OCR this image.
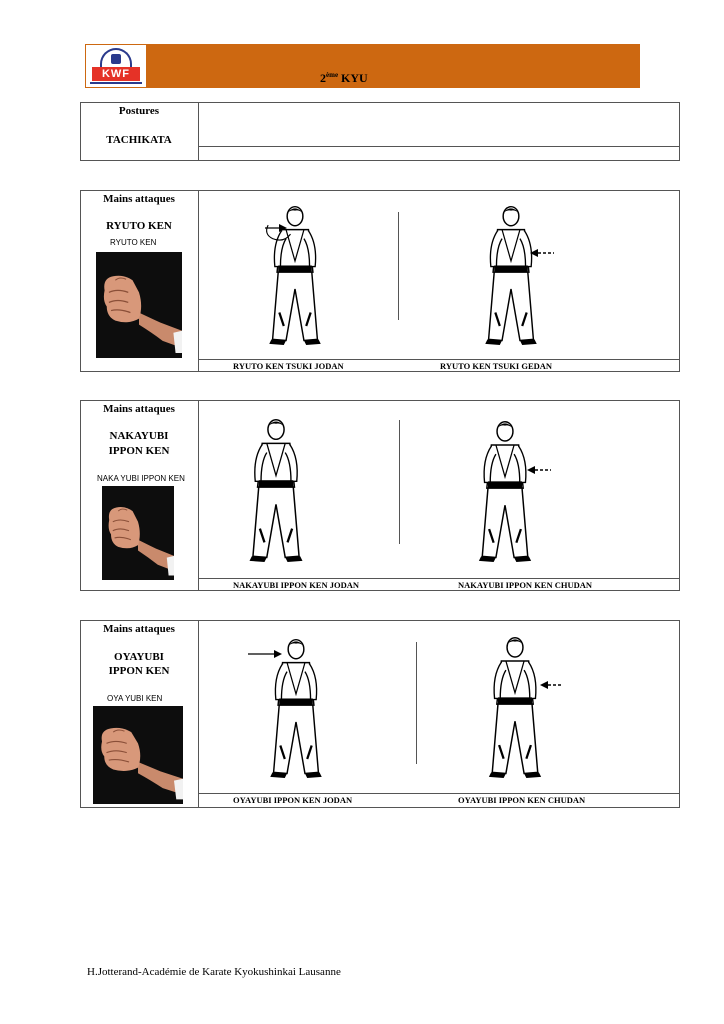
KWF	2ème KYU
Postures
TACHIKATA
Mains attaques
RYUTO KEN
RYUTO KEN
RYUTO KEN TSUKI JODAN	RYUTO KEN TSUKI GEDAN
Mains attaques
NAKAYUBI
IPPON KEN
NAKA YUBI IPPON KEN
NAKAYUBI IPPON KEN JODAN	NAKAYUBI IPPON KEN CHUDAN
Mains attaques
OYAYUBI
IPPON KEN
OYA YUBI KEN
OYAYUBI IPPON KEN JODAN	OYAYUBI IPPON KEN CHUDAN
H.Jotterand-Académie de Karate Kyokushinkai Lausanne
